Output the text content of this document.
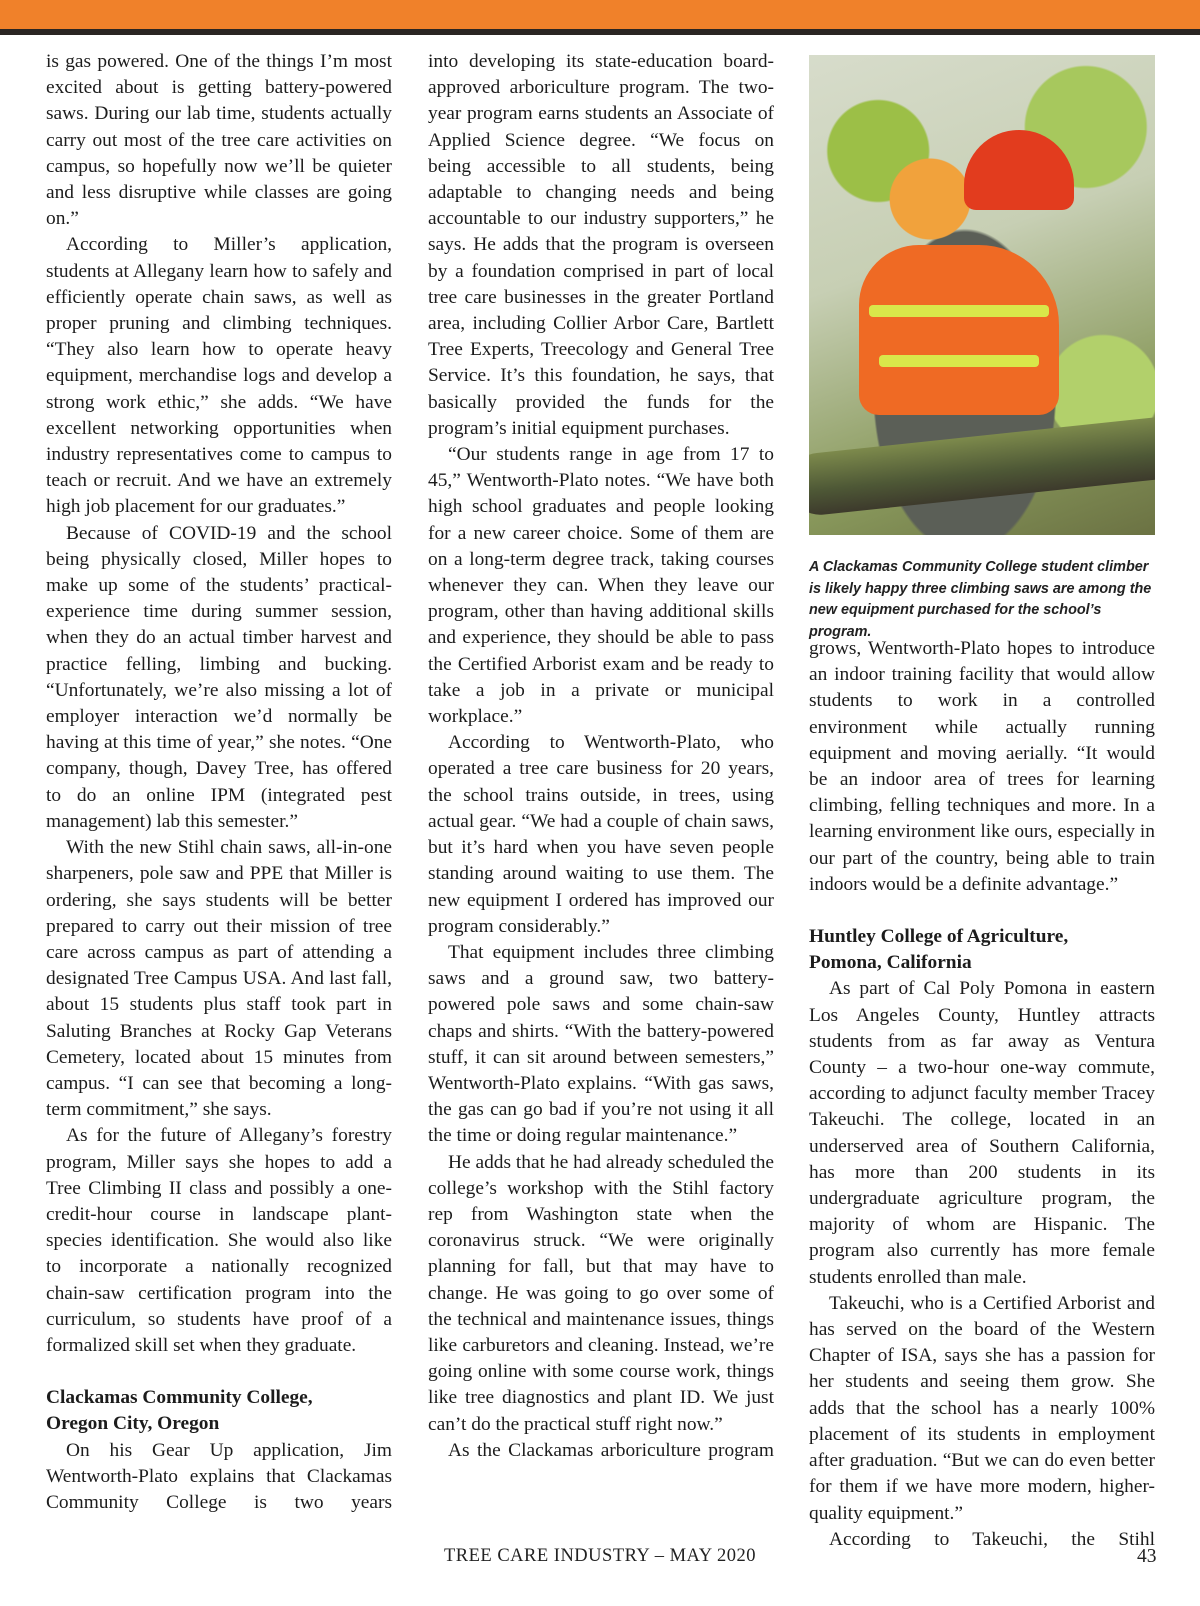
is gas powered. One of the things I’m most excited about is getting battery-powered saws. During our lab time, students actually carry out most of the tree care activities on campus, so hopefully now we’ll be quieter and less disruptive while classes are going on.”

According to Miller’s application, students at Allegany learn how to safely and efficiently operate chain saws, as well as proper pruning and climbing techniques. “They also learn how to operate heavy equipment, merchandise logs and develop a strong work ethic,” she adds. “We have excellent networking opportunities when industry representatives come to campus to teach or recruit. And we have an extremely high job placement for our graduates.”

Because of COVID-19 and the school being physically closed, Miller hopes to make up some of the students’ practical-experience time during summer session, when they do an actual timber harvest and practice felling, limbing and bucking. “Unfortunately, we’re also missing a lot of employer interaction we’d normally be having at this time of year,” she notes. “One company, though, Davey Tree, has offered to do an online IPM (integrated pest management) lab this semester.”

With the new Stihl chain saws, all-in-one sharpeners, pole saw and PPE that Miller is ordering, she says students will be better prepared to carry out their mission of tree care across campus as part of attending a designated Tree Campus USA. And last fall, about 15 students plus staff took part in Saluting Branches at Rocky Gap Veterans Cemetery, located about 15 minutes from campus. “I can see that becoming a long-term commitment,” she says.

As for the future of Allegany’s forestry program, Miller says she hopes to add a Tree Climbing II class and possibly a one-credit-hour course in landscape plant-species identification. She would also like to incorporate a nationally recognized chain-saw certification program into the curriculum, so students have proof of a formalized skill set when they graduate.

Clackamas Community College,
Oregon City, Oregon

On his Gear Up application, Jim Wentworth-Plato explains that Clackamas Community College is two years

into developing its state-education board-approved arboriculture program. The two-year program earns students an Associate of Applied Science degree. “We focus on being accessible to all students, being adaptable to changing needs and being accountable to our industry supporters,” he says. He adds that the program is overseen by a foundation comprised in part of local tree care businesses in the greater Portland area, including Collier Arbor Care, Bartlett Tree Experts, Treecology and General Tree Service. It’s this foundation, he says, that basically provided the funds for the program’s initial equipment purchases.

“Our students range in age from 17 to 45,” Wentworth-Plato notes. “We have both high school graduates and people looking for a new career choice. Some of them are on a long-term degree track, taking courses whenever they can. When they leave our program, other than having additional skills and experience, they should be able to pass the Certified Arborist exam and be ready to take a job in a private or municipal workplace.”

According to Wentworth-Plato, who operated a tree care business for 20 years, the school trains outside, in trees, using actual gear. “We had a couple of chain saws, but it’s hard when you have seven people standing around waiting to use them. The new equipment I ordered has improved our program considerably.”

That equipment includes three climbing saws and a ground saw, two battery-powered pole saws and some chain-saw chaps and shirts. “With the battery-powered stuff, it can sit around between semesters,” Wentworth-Plato explains. “With gas saws, the gas can go bad if you’re not using it all the time or doing regular maintenance.”

He adds that he had already scheduled the college’s workshop with the Stihl factory rep from Washington state when the coronavirus struck. “We were originally planning for fall, but that may have to change. He was going to go over some of the technical and maintenance issues, things like carburetors and cleaning. Instead, we’re going online with some course work, things like tree diagnostics and plant ID. We just can’t do the practical stuff right now.”

As the Clackamas arboriculture program

A Clackamas Community College student climber is likely happy three climbing saws are among the new equipment purchased for the school’s program.

grows, Wentworth-Plato hopes to introduce an indoor training facility that would allow students to work in a controlled environment while actually running equipment and moving aerially. “It would be an indoor area of trees for learning climbing, felling techniques and more. In a learning environment like ours, especially in our part of the country, being able to train indoors would be a definite advantage.”

Huntley College of Agriculture,
Pomona, California

As part of Cal Poly Pomona in eastern Los Angeles County, Huntley attracts students from as far away as Ventura County – a two-hour one-way commute, according to adjunct faculty member Tracey Takeuchi. The college, located in an underserved area of Southern California, has more than 200 students in its undergraduate agriculture program, the majority of whom are Hispanic. The program also currently has more female students enrolled than male.

Takeuchi, who is a Certified Arborist and has served on the board of the Western Chapter of ISA, says she has a passion for her students and seeing them grow. She adds that the school has a nearly 100% placement of its students in employment after graduation. “But we can do even better for them if we have more modern, higher-quality equipment.”

According to Takeuchi, the Stihl

TREE CARE INDUSTRY – MAY 2020	43
